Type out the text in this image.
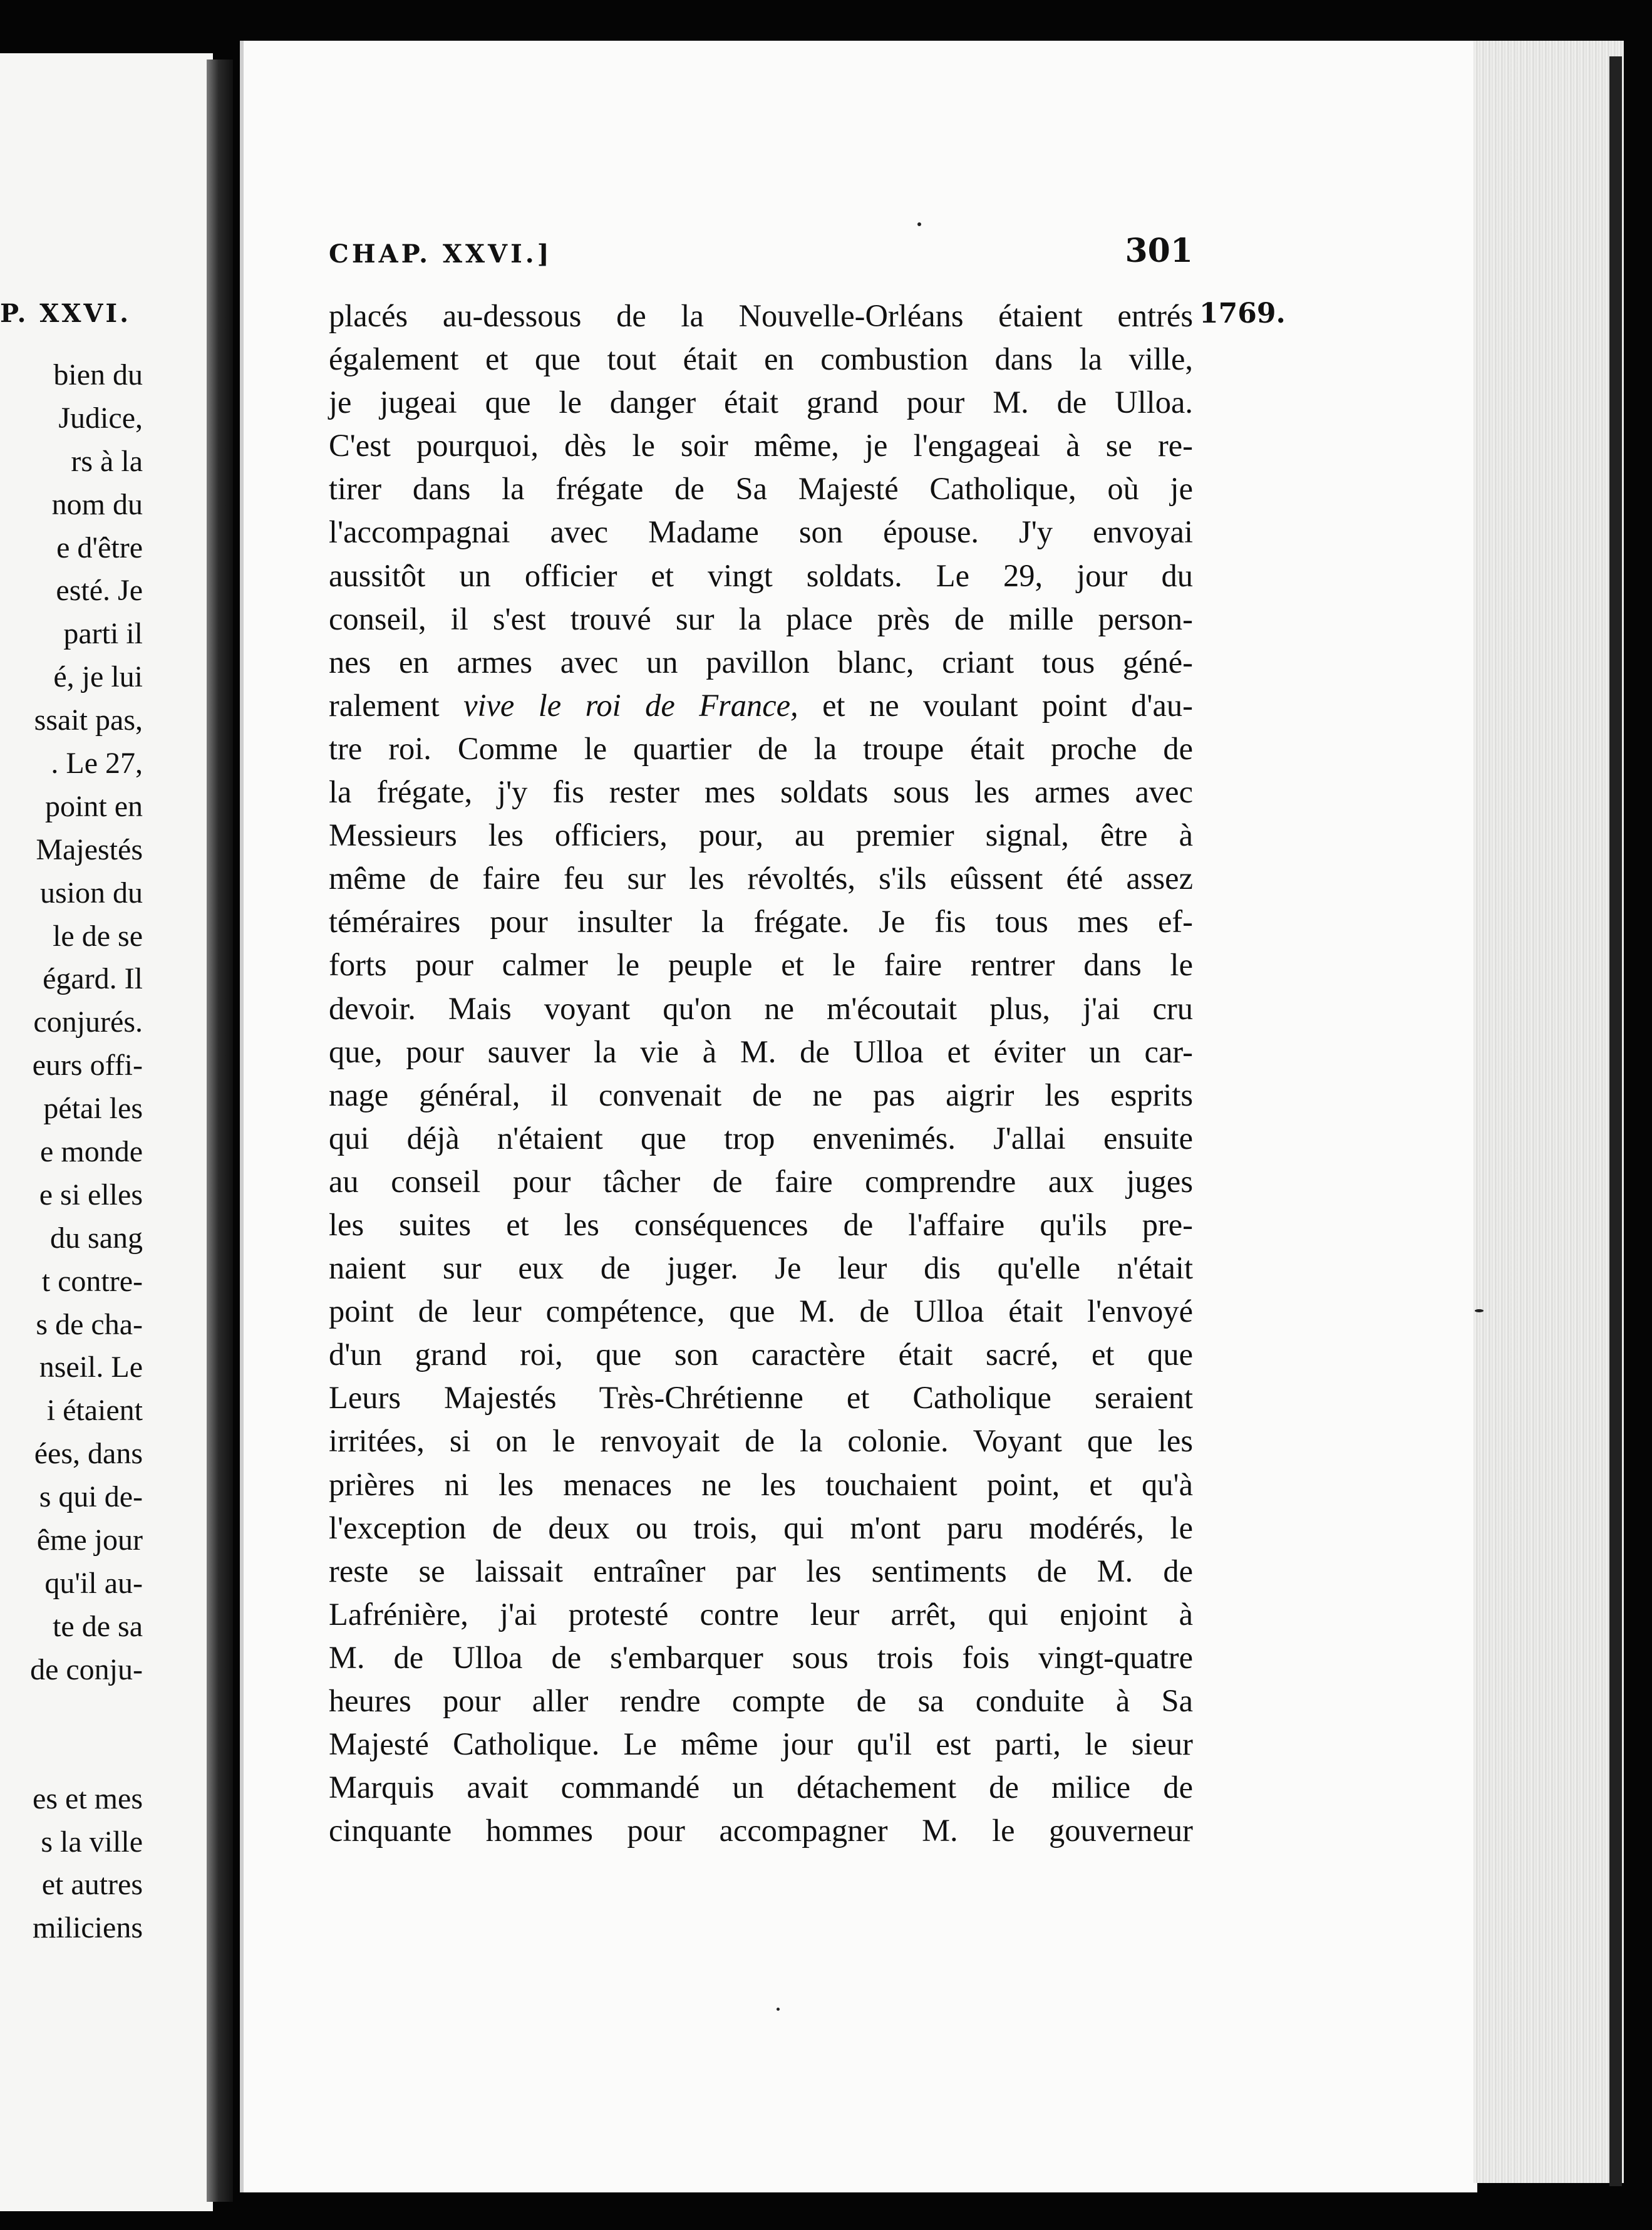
P. XXVI.
bien du
Judice,
rs à la
nom du
e d'être
esté. Je
parti il
é, je lui
ssait pas,
. Le 27,
point en
Majestés
usion du
le de se
égard. Il
conjurés.
eurs offi-
pétai les
e monde
e si elles
du sang
t contre-
s de cha-
nseil. Le
i étaient
ées, dans
s qui de-
ême jour
qu'il au-
te de sa
de conju-
es et mes
s la ville
et autres
miliciens
CHAP. XXVI.]	301
1769.
placés au-dessous de la Nouvelle-Orléans étaient entrés
également et que tout était en combustion dans la ville,
je jugeai que le danger était grand pour M. de Ulloa.
C'est pourquoi, dès le soir même, je l'engageai à se re-
tirer dans la frégate de Sa Majesté Catholique, où je
l'accompagnai avec Madame son épouse. J'y envoyai
aussitôt un officier et vingt soldats. Le 29, jour du
conseil, il s'est trouvé sur la place près de mille person-
nes en armes avec un pavillon blanc, criant tous géné-
ralement vive le roi de France, et ne voulant point d'au-
tre roi. Comme le quartier de la troupe était proche de
la frégate, j'y fis rester mes soldats sous les armes avec
Messieurs les officiers, pour, au premier signal, être à
même de faire feu sur les révoltés, s'ils eûssent été assez
téméraires pour insulter la frégate. Je fis tous mes ef-
forts pour calmer le peuple et le faire rentrer dans le
devoir. Mais voyant qu'on ne m'écoutait plus, j'ai cru
que, pour sauver la vie à M. de Ulloa et éviter un car-
nage général, il convenait de ne pas aigrir les esprits
qui déjà n'étaient que trop envenimés. J'allai ensuite
au conseil pour tâcher de faire comprendre aux juges
les suites et les conséquences de l'affaire qu'ils pre-
naient sur eux de juger. Je leur dis qu'elle n'était
point de leur compétence, que M. de Ulloa était l'envoyé
d'un grand roi, que son caractère était sacré, et que
Leurs Majestés Très-Chrétienne et Catholique seraient
irritées, si on le renvoyait de la colonie. Voyant que les
prières ni les menaces ne les touchaient point, et qu'à
l'exception de deux ou trois, qui m'ont paru modérés, le
reste se laissait entraîner par les sentiments de M. de
Lafrénière, j'ai protesté contre leur arrêt, qui enjoint à
M. de Ulloa de s'embarquer sous trois fois vingt-quatre
heures pour aller rendre compte de sa conduite à Sa
Majesté Catholique. Le même jour qu'il est parti, le sieur
Marquis avait commandé un détachement de milice de
cinquante hommes pour accompagner M. le gouverneur
